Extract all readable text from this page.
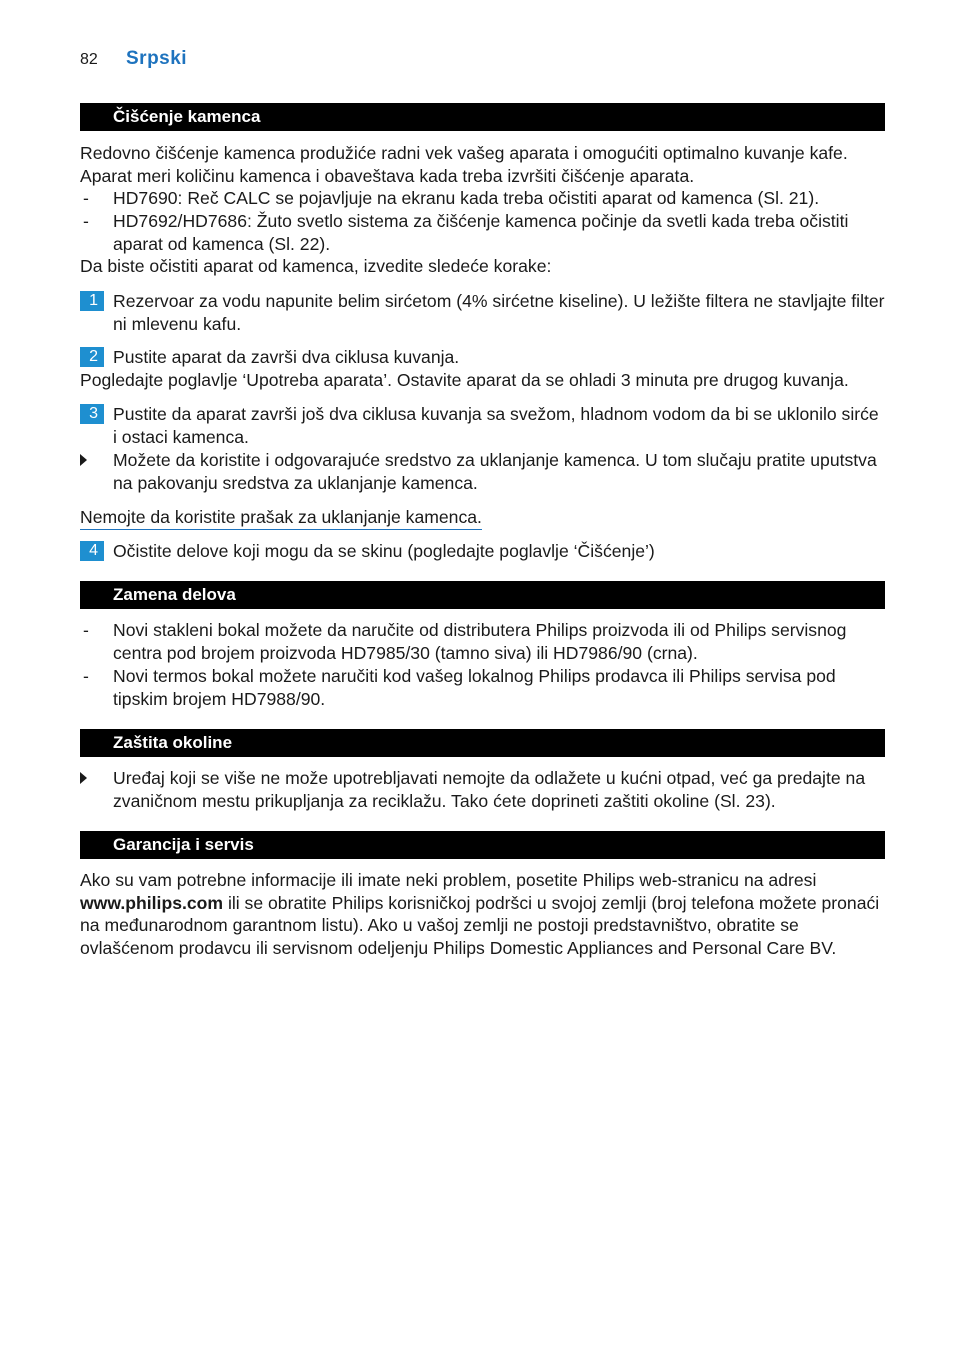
82 Srpski
Čišćenje kamenca
Redovno čišćenje kamenca produžiće radni vek vašeg aparata i omogućiti optimalno kuvanje kafe. Aparat meri količinu kamenca i obaveštava kada treba izvršiti čišćenje aparata.
- HD7690: Reč CALC se pojavljuje na ekranu kada treba očistiti aparat od kamenca (Sl. 21).
- HD7692/HD7686: Žuto svetlo sistema za čišćenje kamenca počinje da svetli kada treba očistiti aparat od kamenca (Sl. 22).
Da biste očistiti aparat od kamenca, izvedite sledeće korake:
1 Rezervoar za vodu napunite belim sirćetom (4% sirćetne kiseline). U ležište filtera ne stavljajte filter ni mlevenu kafu.
2 Pustite aparat da završi dva ciklusa kuvanja.
Pogledajte poglavlje ‘Upotreba aparata’. Ostavite aparat da se ohladi 3 minuta pre drugog kuvanja.
3 Pustite da aparat završi još dva ciklusa kuvanja sa svežom, hladnom vodom da bi se uklonilo sirće i ostaci kamenca.
Možete da koristite i odgovarajuće sredstvo za uklanjanje kamenca. U tom slučaju pratite uputstva na pakovanju sredstva za uklanjanje kamenca.
Nemojte da koristite prašak za uklanjanje kamenca.
4 Očistite delove koji mogu da se skinu (pogledajte poglavlje ‘Čišćenje’)
Zamena delova
- Novi stakleni bokal možete da naručite od distributera Philips proizvoda ili od Philips servisnog centra pod brojem proizvoda HD7985/30 (tamno siva) ili HD7986/90 (crna).
- Novi termos bokal možete naručiti kod vašeg lokalnog Philips prodavca ili Philips servisa pod tipskim brojem HD7988/90.
Zaštita okoline
Uređaj koji se više ne može upotrebljavati nemojte da odlažete u kućni otpad, već ga predajte na zvaničnom mestu prikupljanja za reciklažu. Tako ćete doprineti zaštiti okoline (Sl. 23).
Garancija i servis
Ako su vam potrebne informacije ili imate neki problem, posetite Philips web-stranicu na adresi www.philips.com ili se obratite Philips korisničkoj podršci u svojoj zemlji (broj telefona možete pronaći na međunarodnom garantnom listu). Ako u vašoj zemlji ne postoji predstavništvo, obratite se ovlašćenom prodavcu ili servisnom odeljenju Philips Domestic Appliances and Personal Care BV.
